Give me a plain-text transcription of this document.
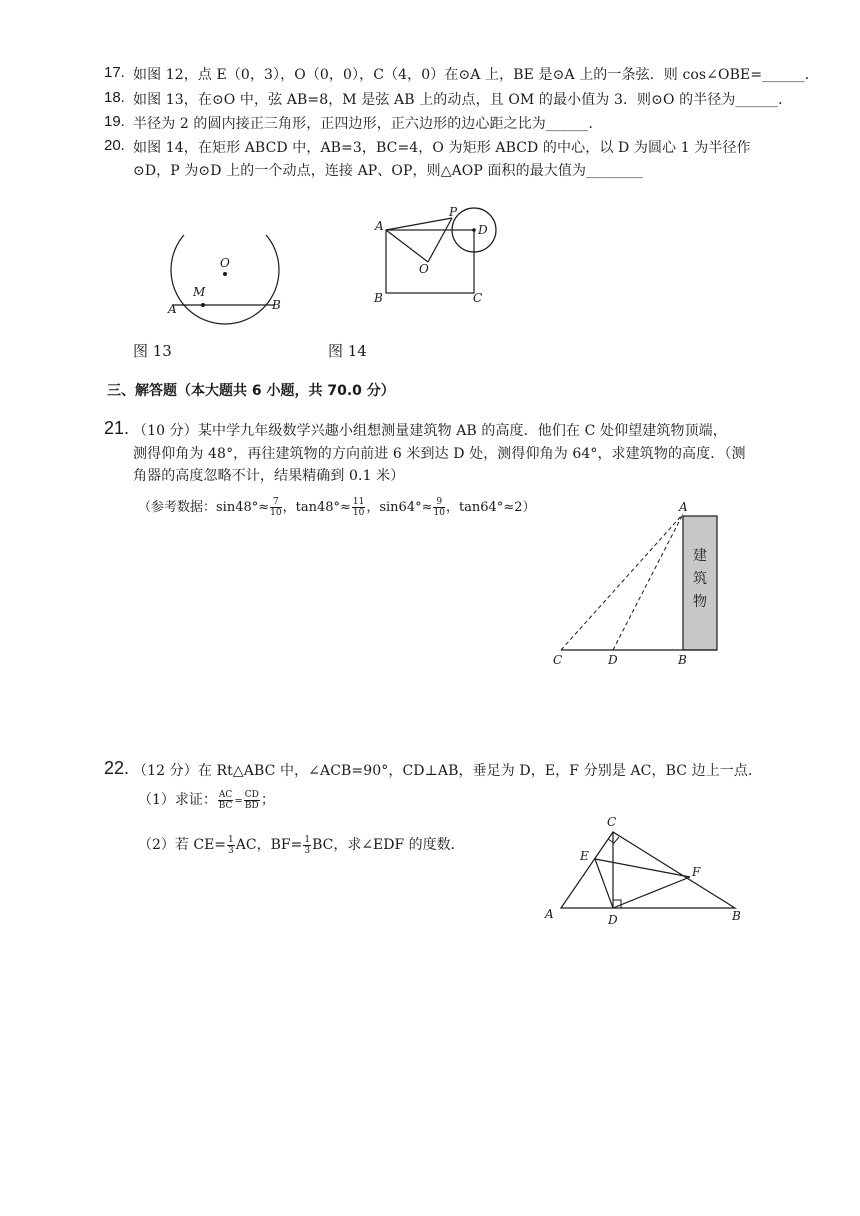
17. 如图 12，点 E（0，3），O（0，0），C（4，0）在⊙A 上，BE 是⊙A 上的一条弦．则 cos∠OBE=______．
18. 如图 13，在⊙O 中，弦 AB=8，M 是弦 AB 上的动点，且 OM 的最小值为 3．则⊙O 的半径为______．
19. 半径为 2 的圆内接正三角形，正四边形，正六边形的边心距之比为______．
20. 如图 14，在矩形 ABCD 中，AB=3，BC=4，O 为矩形 ABCD 的中心，以 D 为圆心 1 为半径作
⊙D，P 为⊙D 上的一个动点，连接 AP、OP，则△AOP 面积的最大值为________
O
M
A	B
图 13
A
P
D
O
B	C
图 14
三、解答题（本大题共 6 小题，共 70.0 分）
21. （10 分）某中学九年级数学兴趣小组想测量建筑物 AB 的高度．他们在 C 处仰望建筑物顶端，
测得仰角为 48°，再往建筑物的方向前进 6 米到达 D 处，测得仰角为 64°，求建筑物的高度．（测
角器的高度忽略不计，结果精确到 0.1 米）
（参考数据：$\sin 48^\circ\approx \frac{7}{10}$ ，$\tan 48^\circ\approx \frac{11}{10}$ ，$\sin 64^\circ\approx \frac{9}{10}$ ，tan64°≈2）	A
C	D	B
建
筑
物
22. （12 分）在 Rt△ABC 中，∠ACB=90°，CD⊥AB，垂足为 D，E，F 分别是 AC，BC 边上一点．
（1）求证： $\frac{AC}{BC} = \frac{CD}{BD}$ ；
（2）若 $CE= \frac{1}{3}$ AC，$BF= \frac{1}{3}$ BC，求∠EDF 的度数．
C
E
F
A	D	B
